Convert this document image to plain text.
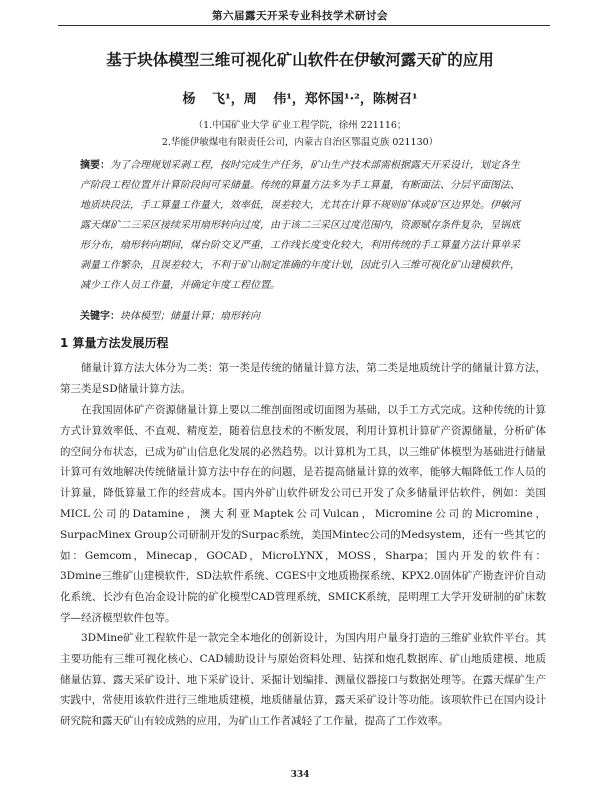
第六届露天开采专业科技学术研讨会
基于块体模型三维可视化矿山软件在伊敏河露天矿的应用
杨 飞¹，周 伟¹，郑怀国¹·²，陈树召¹
（1.中国矿业大学 矿业工程学院，徐州 221116；
2.华能伊敏煤电有限责任公司，内蒙古自治区鄂温克族 021130）
摘要：为了合理规划采剥工程，按时完成生产任务，矿山生产技术部需根据露天开采设计，划定各生产阶段工程位置并计算阶段间可采储量。传统的算量方法多为手工算量，有断面法、分层平面图法、地质块段法，手工算量工作量大，效率低，误差较大，尤其在计算不规则矿体或矿区边界处。伊敏河露天煤矿二三采区接续采用扇形转向过度，由于该二三采区过度范围内，资源赋存条件复杂，呈锅底形分布，扇形转向期间，煤台阶交叉严重，工作线长度变化较大，利用传统的手工算量方法计算单采剥量工作繁杂，且误差较大，不利于矿山制定准确的年度计划，因此引入三维可视化矿山建模软件，减少工作人员工作量，并确定年度工程位置。
关键字：块体模型；储量计算；扇形转向
1 算量方法发展历程

储量计算方法大体分为二类：第一类是传统的储量计算方法，第二类是地质统计学的储量计算方法，第三类是SD储量计算方法。

在我国固体矿产资源储量计算上要以二维剖面图或切面图为基础，以手工方式完成。这种传统的计算方式计算效率低、不直观、精度差，随着信息技术的不断发展，利用计算机计算矿产资源储量，分析矿体的空间分布状态，已成为矿山信息化发展的必然趋势。以计算机为工具，以三维矿体模型为基础进行储量计算可有效地解决传统储量计算方法中存在的问题，是若提高储量计算的效率，能够大幅降低工作人员的计算量，降低算量工作的经营成本。国内外矿山软件研发公司已开发了众多储量评估软件，例如：美国MICL公司的Datamine，澳大利亚Maptek公司Vulcan，Micromine公司的Micromine，SurpacMinex Group公司研制开发的Surpac系统，美国Mintec公司的Medsystem，还有一些其它的如：Gemcom，Minecap，GOCAD，MicroLYNX，MOSS，Sharpa；国内开发的软件有：3Dmine三维矿山建模软件，SD法软件系统、CGES中文地质勘探系统、KPX2.0固体矿产勘查评价自动化系统、长沙有色冶金设计院的矿化模型CAD管理系统，SMICK系统，昆明理工大学开发研制的矿床数学—经济模型软件包等。

3DMine矿业工程软件是一款完全本地化的创新设计，为国内用户量身打造的三维矿业软件平台。其主要功能有三维可视化核心、CAD辅助设计与原始资料处理、钻探和炮孔数据库、矿山地质建模、地质储量估算、露天采矿设计、地下采矿设计、采掘计划编排、测量仪器接口与数据处理等。在露天煤矿生产实践中，常使用该软件进行三维地质建模，地质储量估算，露天采矿设计等功能。该项软件已在国内设计研究院和露天矿山有较成熟的应用，为矿山工作者减轻了工作量，提高了工作效率。

334
